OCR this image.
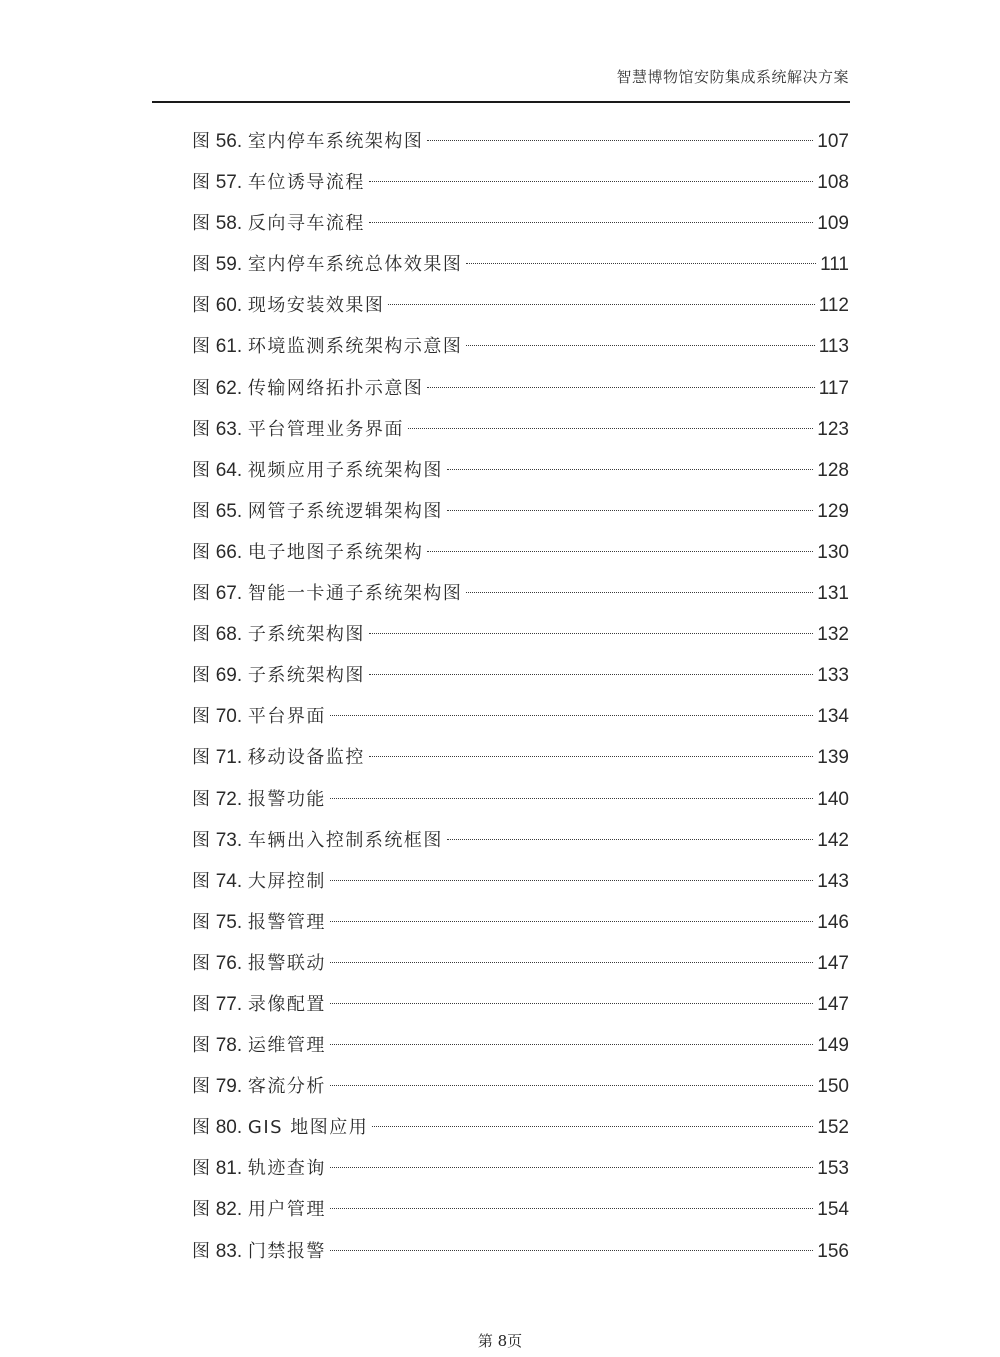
智慧博物馆安防集成系统解决方案
图 56. 室内停车系统架构图	107
图 57. 车位诱导流程	108
图 58. 反向寻车流程	109
图 59. 室内停车系统总体效果图	111
图 60. 现场安装效果图	112
图 61. 环境监测系统架构示意图	113
图 62. 传输网络拓扑示意图	117
图 63. 平台管理业务界面	123
图 64. 视频应用子系统架构图	128
图 65. 网管子系统逻辑架构图	129
图 66. 电子地图子系统架构	130
图 67. 智能一卡通子系统架构图	131
图 68. 子系统架构图	132
图 69. 子系统架构图	133
图 70. 平台界面	134
图 71. 移动设备监控	139
图 72. 报警功能	140
图 73. 车辆出入控制系统框图	142
图 74. 大屏控制	143
图 75. 报警管理	146
图 76. 报警联动	147
图 77. 录像配置	147
图 78. 运维管理	149
图 79. 客流分析	150
图 80. GIS 地图应用	152
图 81. 轨迹查询	153
图 82. 用户管理	154
图 83. 门禁报警	156
第 8页
